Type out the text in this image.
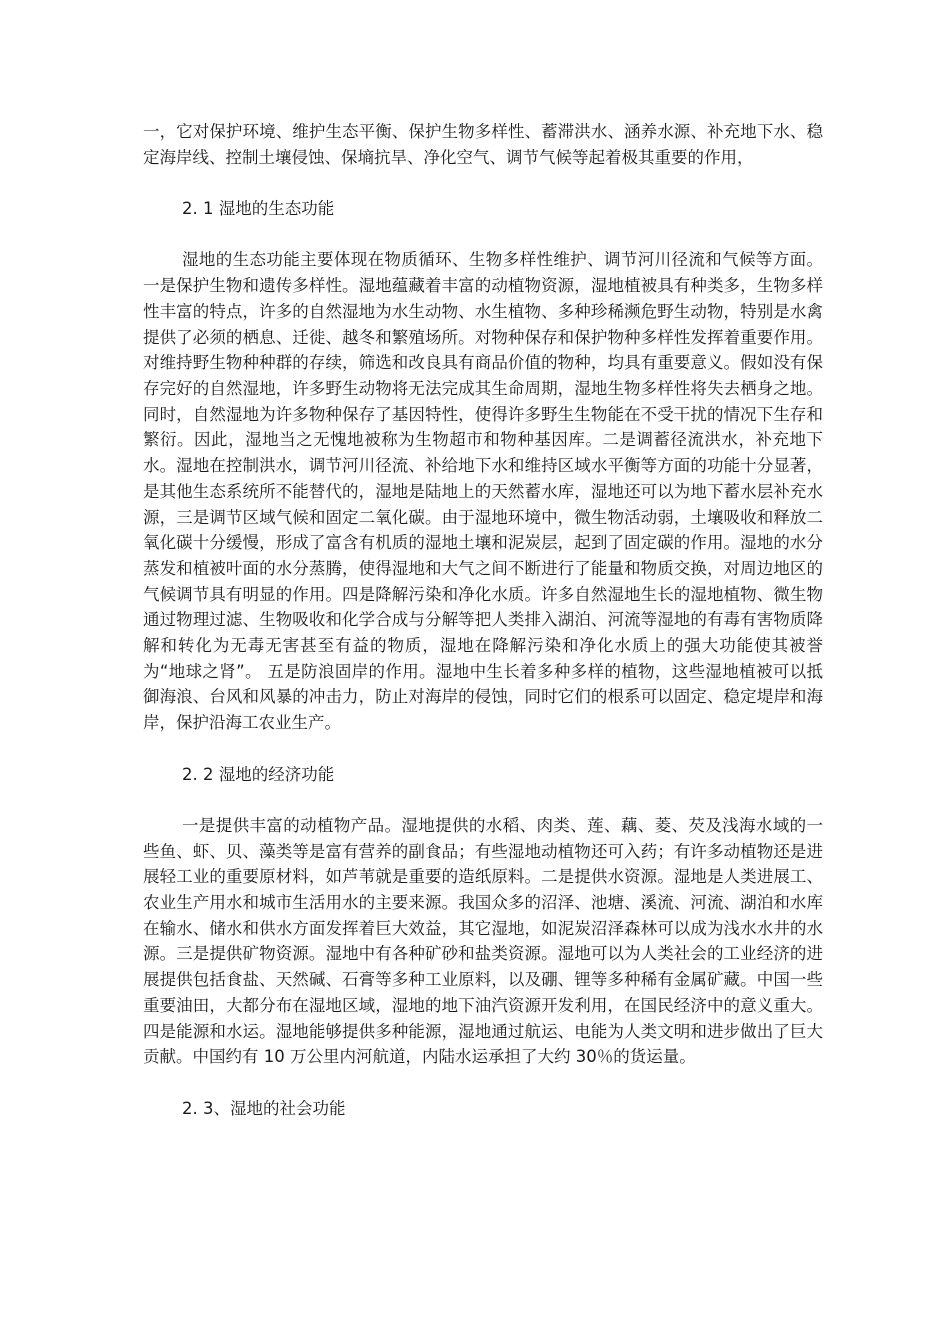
一，它对保护环境、维护生态平衡、保护生物多样性、蓄滞洪水、涵养水源、补充地下水、稳定海岸线、控制土壤侵蚀、保墒抗旱、净化空气、调节气候等起着极其重要的作用，

2. 1 湿地的生态功能

湿地的生态功能主要体现在物质循环、生物多样性维护、调节河川径流和气候等方面。一是保护生物和遗传多样性。湿地蕴藏着丰富的动植物资源，湿地植被具有种类多，生物多样性丰富的特点，许多的自然湿地为水生动物、水生植物、多种珍稀濒危野生动物，特别是水禽提供了必须的栖息、迁徙、越冬和繁殖场所。对物种保存和保护物种多样性发挥着重要作用。对维持野生物种种群的存续，筛选和改良具有商品价值的物种，均具有重要意义。假如没有保存完好的自然湿地，许多野生动物将无法完成其生命周期，湿地生物多样性将失去栖身之地。同时，自然湿地为许多物种保存了基因特性，使得许多野生生物能在不受干扰的情况下生存和繁衍。因此，湿地当之无愧地被称为生物超市和物种基因库。二是调蓄径流洪水，补充地下水。湿地在控制洪水，调节河川径流、补给地下水和维持区域水平衡等方面的功能十分显著，是其他生态系统所不能替代的，湿地是陆地上的天然蓄水库，湿地还可以为地下蓄水层补充水源，三是调节区域气候和固定二氧化碳。由于湿地环境中，微生物活动弱，土壤吸收和释放二氧化碳十分缓慢，形成了富含有机质的湿地土壤和泥炭层，起到了固定碳的作用。湿地的水分蒸发和植被叶面的水分蒸腾，使得湿地和大气之间不断进行了能量和物质交换，对周边地区的气候调节具有明显的作用。四是降解污染和净化水质。许多自然湿地生长的湿地植物、微生物通过物理过滤、生物吸收和化学合成与分解等把人类排入湖泊、河流等湿地的有毒有害物质降解和转化为无毒无害甚至有益的物质，湿地在降解污染和净化水质上的强大功能使其被誉为“地球之肾”。 五是防浪固岸的作用。湿地中生长着多种多样的植物，这些湿地植被可以抵御海浪、台风和风暴的冲击力，防止对海岸的侵蚀，同时它们的根系可以固定、稳定堤岸和海岸，保护沿海工农业生产。

2. 2 湿地的经济功能

一是提供丰富的动植物产品。湿地提供的水稻、肉类、莲、藕、菱、芡及浅海水域的一些鱼、虾、贝、藻类等是富有营养的副食品；有些湿地动植物还可入药；有许多动植物还是进展轻工业的重要原材料，如芦苇就是重要的造纸原料。二是提供水资源。湿地是人类进展工、农业生产用水和城市生活用水的主要来源。我国众多的沼泽、池塘、溪流、河流、湖泊和水库在输水、储水和供水方面发挥着巨大效益，其它湿地，如泥炭沼泽森林可以成为浅水水井的水源。三是提供矿物资源。湿地中有各种矿砂和盐类资源。湿地可以为人类社会的工业经济的进展提供包括食盐、天然碱、石膏等多种工业原料，以及硼、锂等多种稀有金属矿藏。中国一些重要油田，大都分布在湿地区域，湿地的地下油汽资源开发利用，在国民经济中的意义重大。四是能源和水运。湿地能够提供多种能源，湿地通过航运、电能为人类文明和进步做出了巨大贡献。中国约有 10 万公里内河航道，内陆水运承担了大约 30％的货运量。

2. 3、湿地的社会功能
